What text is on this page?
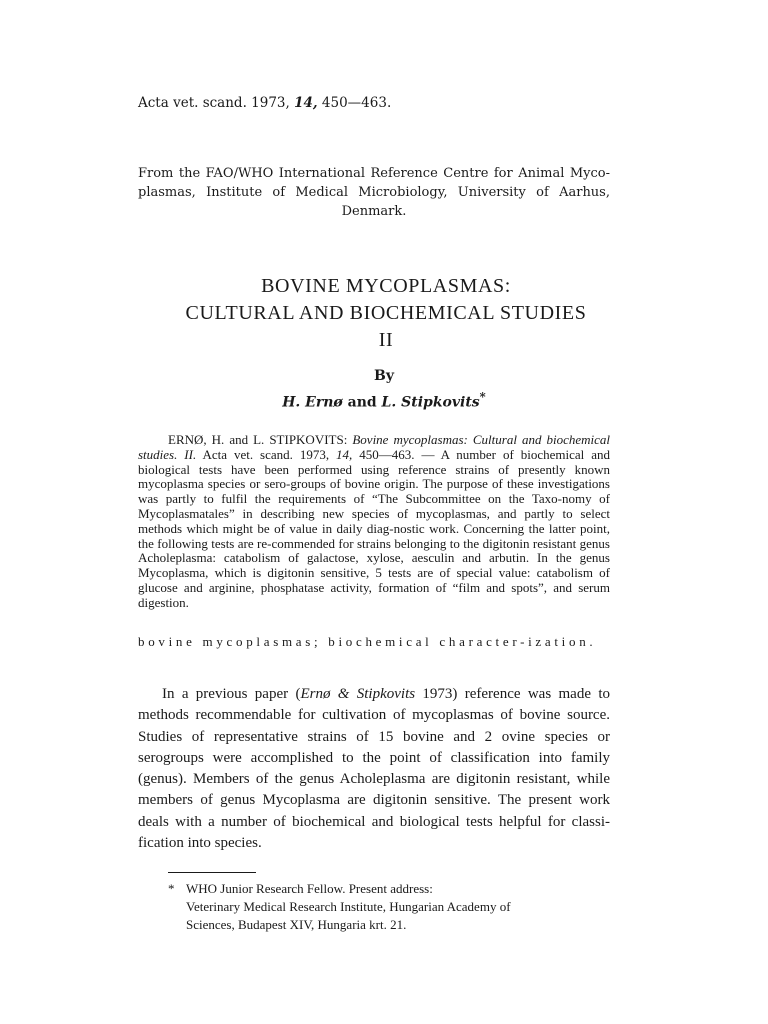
Acta vet. scand. 1973, 14, 450—463.
From the FAO/WHO International Reference Centre for Animal Myco-plasmas, Institute of Medical Microbiology, University of Aarhus, Denmark.
BOVINE MYCOPLASMAS:
CULTURAL AND BIOCHEMICAL STUDIES
II
By
H. Ernø and L. Stipkovits*

ERNØ, H. and L. STIPKOVITS: Bovine mycoplasmas: Cultural and biochemical studies. II. Acta vet. scand. 1973, 14, 450—463. — A number of biochemical and biological tests have been performed using reference strains of presently known mycoplasma species or sero-groups of bovine origin. The purpose of these investigations was partly to fulfil the requirements of “The Subcommittee on the Taxo-nomy of Mycoplasmatales” in describing new species of mycoplasmas, and partly to select methods which might be of value in daily diag-nostic work. Concerning the latter point, the following tests are re-commended for strains belonging to the digitonin resistant genus Acholeplasma: catabolism of galactose, xylose, aesculin and arbutin. In the genus Mycoplasma, which is digitonin sensitive, 5 tests are of special value: catabolism of glucose and arginine, phosphatase activity, formation of “film and spots”, and serum digestion.

bovine mycoplasmas; biochemical character-ization.

In a previous paper (Ernø & Stipkovits 1973) reference was made to methods recommendable for cultivation of mycoplasmas of bovine source. Studies of representative strains of 15 bovine and 2 ovine species or serogroups were accomplished to the point of classification into family (genus). Members of the genus Acholeplasma are digitonin resistant, while members of genus Mycoplasma are digitonin sensitive. The present work deals with a number of biochemical and biological tests helpful for classi-fication into species.

* WHO Junior Research Fellow. Present address:
Veterinary Medical Research Institute, Hungarian Academy of
Sciences, Budapest XIV, Hungaria krt. 21.
